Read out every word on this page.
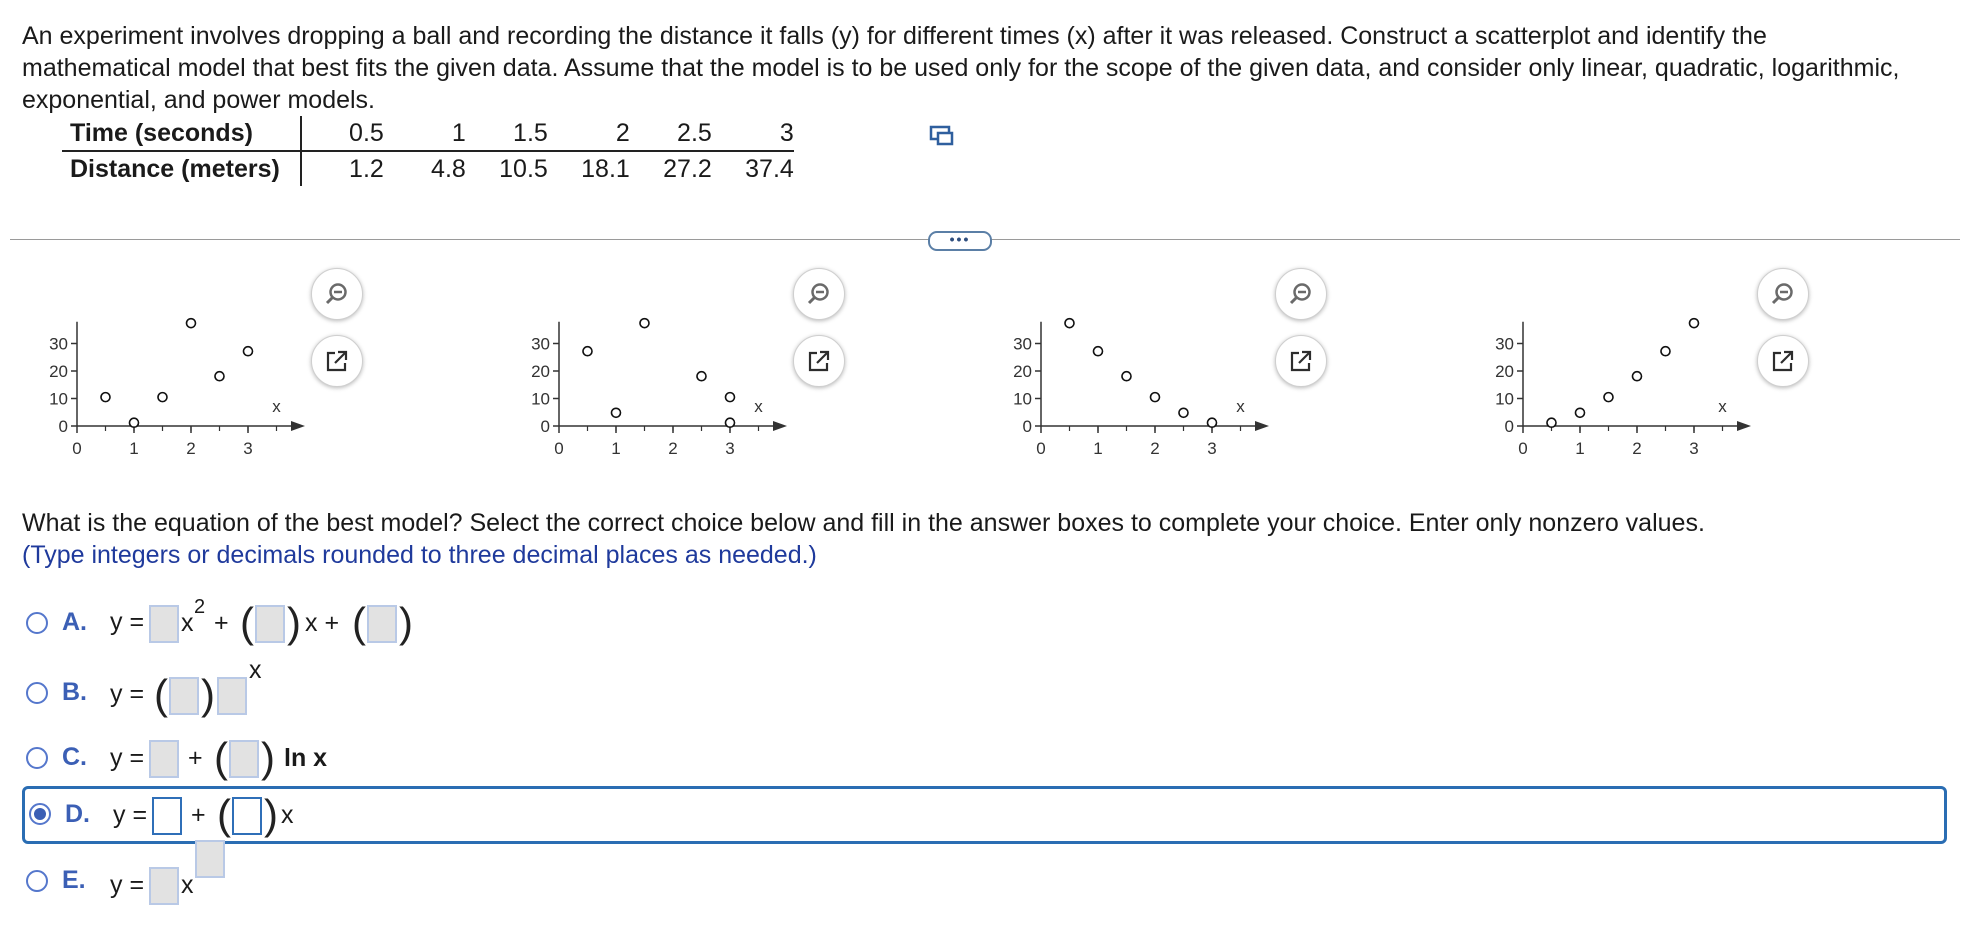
An experiment involves dropping a ball and recording the distance it falls (y) for different times (x) after it was released. Construct a scatterplot and identify the mathematical model that best fits the given data. Assume that the model is to be used only for the scope of the given data, and consider only linear, quadratic, logarithmic, exponential, and power models.
Time (seconds)	0.5	1	1.5	2	2.5	3
Distance (meters)	1.2	4.8	10.5	18.1	27.2	37.4
•••
0
10
20
30
0	1	2	3
x
0
10
20
30
0	1	2	3
x
0
10
20
30
0	1	2	3
x
0
10
20
30
0	1	2	3
x
What is the equation of the best model? Select the correct choice below and fill in the answer boxes to complete your choice. Enter only nonzero values.
(Type integers or decimals rounded to three decimal places as needed.)
A. y = x
2
+ ( ) x + ( )
B. y = ( )
x
C. y = + ( ) ln x
D. y = + ( ) x
E. y = x
